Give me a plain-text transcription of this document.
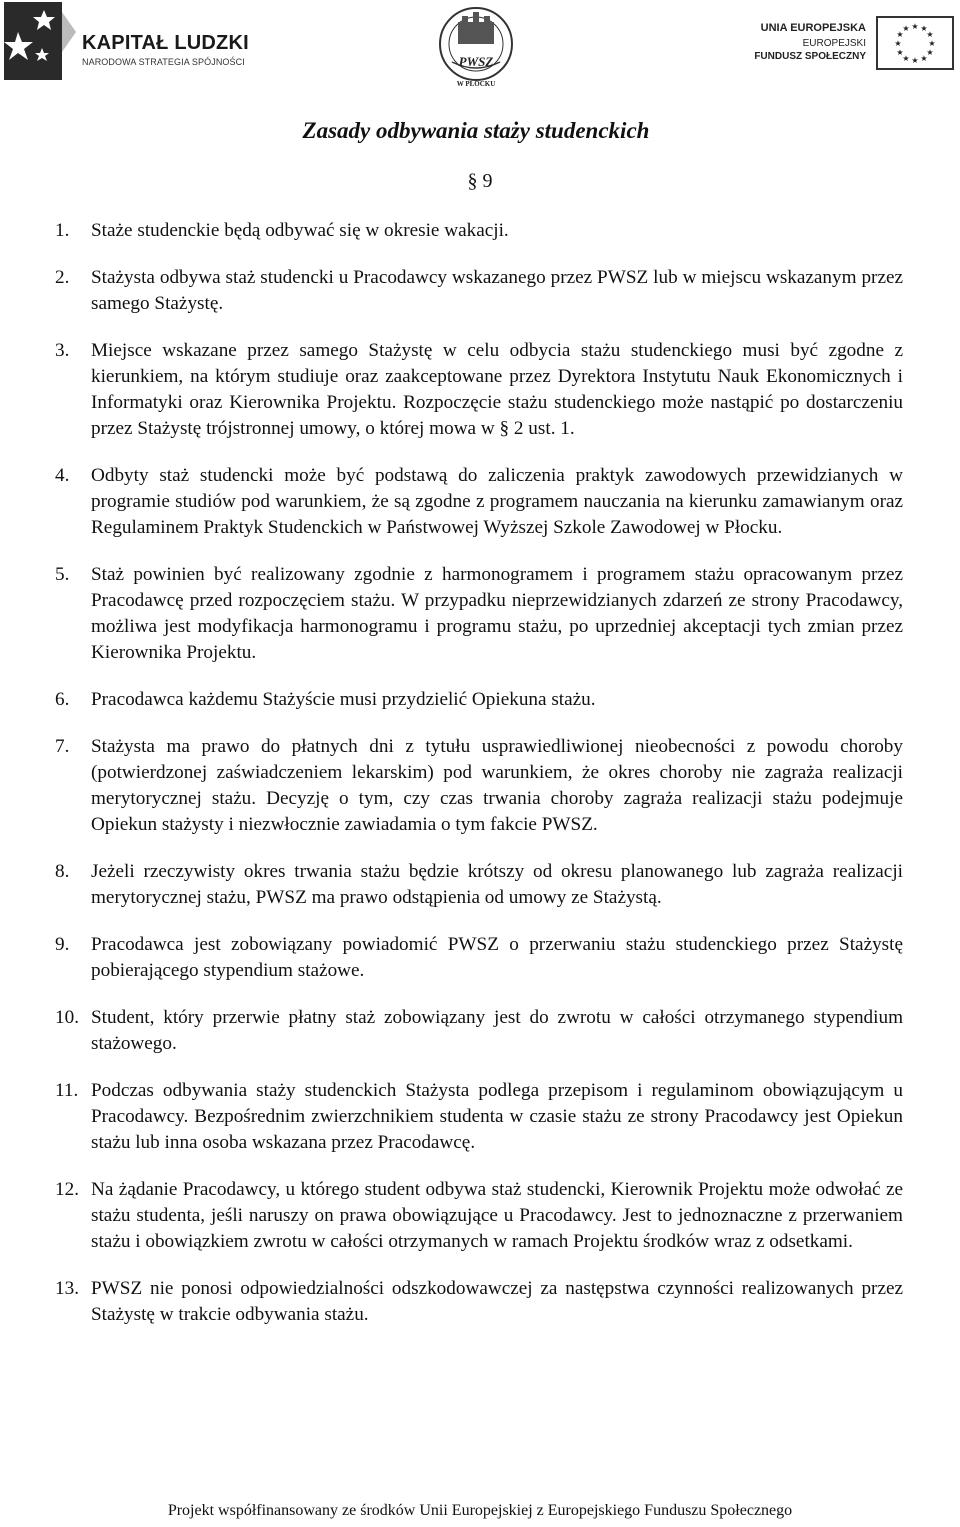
KAPITAŁ LUDZKI
NARODOWA STRATEGIA SPÓJNOŚCI	PWSZ
W PŁOCKU
UNIA EUROPEJSKA
EUROPEJSKI
FUNDUSZ SPOŁECZNY
★ ★
★
★
★
★
★
★
★
★
★
★
Zasady odbywania staży studenckich
§ 9
1. Staże studenckie będą odbywać się w okresie wakacji.
2. Stażysta odbywa staż studencki u Pracodawcy wskazanego przez PWSZ lub w miejscu wskazanym przez samego Stażystę.
3. Miejsce wskazane przez samego Stażystę w celu odbycia stażu studenckiego musi być zgodne z kierunkiem, na którym studiuje oraz zaakceptowane przez Dyrektora Instytutu Nauk Ekonomicznych i Informatyki oraz Kierownika Projektu. Rozpoczęcie stażu studenckiego może nastąpić po dostarczeniu przez Stażystę trójstronnej umowy, o której mowa w § 2 ust. 1.
4. Odbyty staż studencki może być podstawą do zaliczenia praktyk zawodowych przewidzianych w programie studiów pod warunkiem, że są zgodne z programem nauczania na kierunku zamawianym oraz Regulaminem Praktyk Studenckich w Państwowej Wyższej Szkole Zawodowej w Płocku.
5. Staż powinien być realizowany zgodnie z harmonogramem i programem stażu opracowanym przez Pracodawcę przed rozpoczęciem stażu. W przypadku nieprzewidzianych zdarzeń ze strony Pracodawcy, możliwa jest modyfikacja harmonogramu i programu stażu, po uprzedniej akceptacji tych zmian przez Kierownika Projektu.
6. Pracodawca każdemu Stażyście musi przydzielić Opiekuna stażu.
7. Stażysta ma prawo do płatnych dni z tytułu usprawiedliwionej nieobecności z powodu choroby (potwierdzonej zaświadczeniem lekarskim) pod warunkiem, że okres choroby nie zagraża realizacji merytorycznej stażu. Decyzję o tym, czy czas trwania choroby zagraża realizacji stażu podejmuje Opiekun stażysty i niezwłocznie zawiadamia o tym fakcie PWSZ.
8. Jeżeli rzeczywisty okres trwania stażu będzie krótszy od okresu planowanego lub zagraża realizacji merytorycznej stażu, PWSZ ma prawo odstąpienia od umowy ze Stażystą.
9. Pracodawca jest zobowiązany powiadomić PWSZ o przerwaniu stażu studenckiego przez Stażystę pobierającego stypendium stażowe.
10. Student, który przerwie płatny staż zobowiązany jest do zwrotu w całości otrzymanego stypendium stażowego.
11. Podczas odbywania staży studenckich Stażysta podlega przepisom i regulaminom obowiązującym u Pracodawcy. Bezpośrednim zwierzchnikiem studenta w czasie stażu ze strony Pracodawcy jest Opiekun stażu lub inna osoba wskazana przez Pracodawcę.
12. Na żądanie Pracodawcy, u którego student odbywa staż studencki, Kierownik Projektu może odwołać ze stażu studenta, jeśli naruszy on prawa obowiązujące u Pracodawcy. Jest to jednoznaczne z przerwaniem stażu i obowiązkiem zwrotu w całości otrzymanych w ramach Projektu środków wraz z odsetkami.
13. PWSZ nie ponosi odpowiedzialności odszkodowawczej za następstwa czynności realizowanych przez Stażystę w trakcie odbywania stażu.
Projekt współfinansowany ze środków Unii Europejskiej z Europejskiego Funduszu Społecznego
